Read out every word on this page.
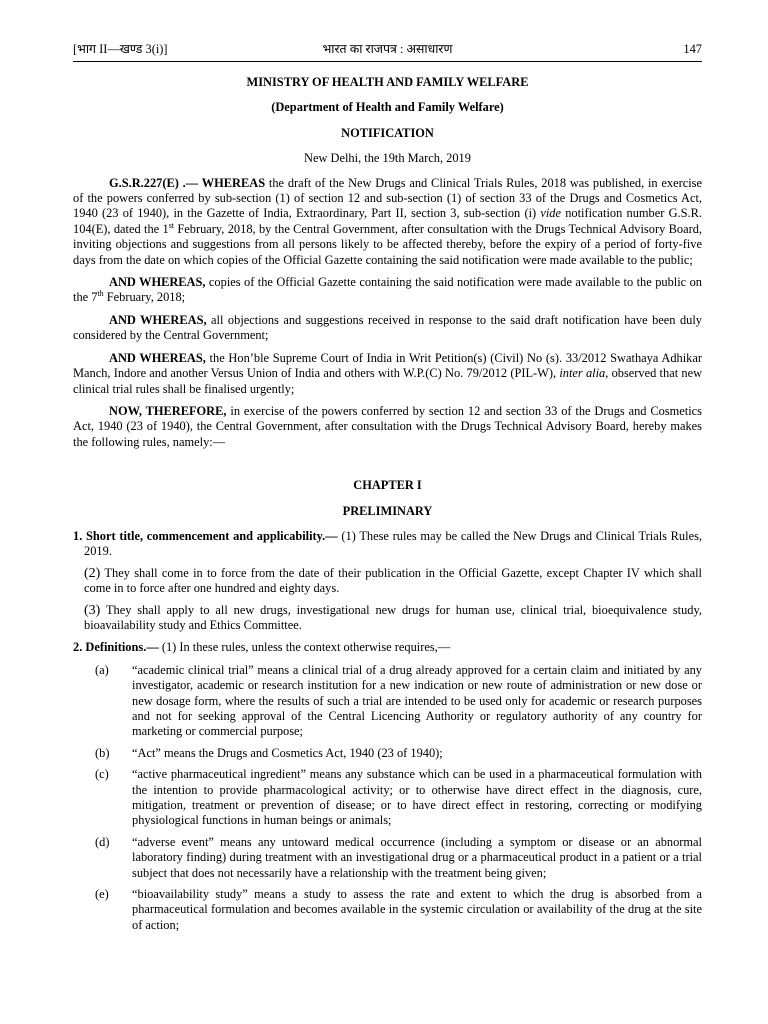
[भाग II—खण्ड 3(i)]	भारत का राजपत्र : असाधारण	147
MINISTRY OF HEALTH AND FAMILY WELFARE
(Department of Health and Family Welfare)
NOTIFICATION
New Delhi, the 19th March, 2019

G.S.R.227(E) .— WHEREAS the draft of the New Drugs and Clinical Trials Rules, 2018 was published, in exercise of the powers conferred by sub-section (1) of section 12 and sub-section (1) of section 33 of the Drugs and Cosmetics Act, 1940 (23 of 1940), in the Gazette of India, Extraordinary, Part II, section 3, sub-section (i) vide notification number G.S.R. 104(E), dated the 1st February, 2018, by the Central Government, after consultation with the Drugs Technical Advisory Board, inviting objections and suggestions from all persons likely to be affected thereby, before the expiry of a period of forty-five days from the date on which copies of the Official Gazette containing the said notification were made available to the public;

AND WHEREAS, copies of the Official Gazette containing the said notification were made available to the public on the 7th February, 2018;

AND WHEREAS, all objections and suggestions received in response to the said draft notification have been duly considered by the Central Government;

AND WHEREAS, the Hon’ble Supreme Court of India in Writ Petition(s) (Civil) No (s). 33/2012 Swathaya Adhikar Manch, Indore and another Versus Union of India and others with W.P.(C) No. 79/2012 (PIL-W), inter alia, observed that new clinical trial rules shall be finalised urgently;

NOW, THEREFORE, in exercise of the powers conferred by section 12 and section 33 of the Drugs and Cosmetics Act, 1940 (23 of 1940), the Central Government, after consultation with the Drugs Technical Advisory Board, hereby makes the following rules, namely:—

CHAPTER I
PRELIMINARY
1. Short title, commencement and applicability.— (1) These rules may be called the New Drugs and Clinical Trials Rules, 2019.
(2) They shall come in to force from the date of their publication in the Official Gazette, except Chapter IV which shall come in to force after one hundred and eighty days.
(3) They shall apply to all new drugs, investigational new drugs for human use, clinical trial, bioequivalence study, bioavailability study and Ethics Committee.
2. Definitions.— (1) In these rules, unless the context otherwise requires,—
(a) “academic clinical trial” means a clinical trial of a drug already approved for a certain claim and initiated by any investigator, academic or research institution for a new indication or new route of administration or new dose or new dosage form, where the results of such a trial are intended to be used only for academic or research purposes and not for seeking approval of the Central Licencing Authority or regulatory authority of any country for marketing or commercial purpose;
(b) “Act” means the Drugs and Cosmetics Act, 1940 (23 of 1940);
(c) “active pharmaceutical ingredient” means any substance which can be used in a pharmaceutical formulation with the intention to provide pharmacological activity; or to otherwise have direct effect in the diagnosis, cure, mitigation, treatment or prevention of disease; or to have direct effect in restoring, correcting or modifying physiological functions in human beings or animals;
(d) “adverse event” means any untoward medical occurrence (including a symptom or disease or an abnormal laboratory finding) during treatment with an investigational drug or a pharmaceutical product in a patient or a trial subject that does not necessarily have a relationship with the treatment being given;
(e) “bioavailability study” means a study to assess the rate and extent to which the drug is absorbed from a pharmaceutical formulation and becomes available in the systemic circulation or availability of the drug at the site of action;
